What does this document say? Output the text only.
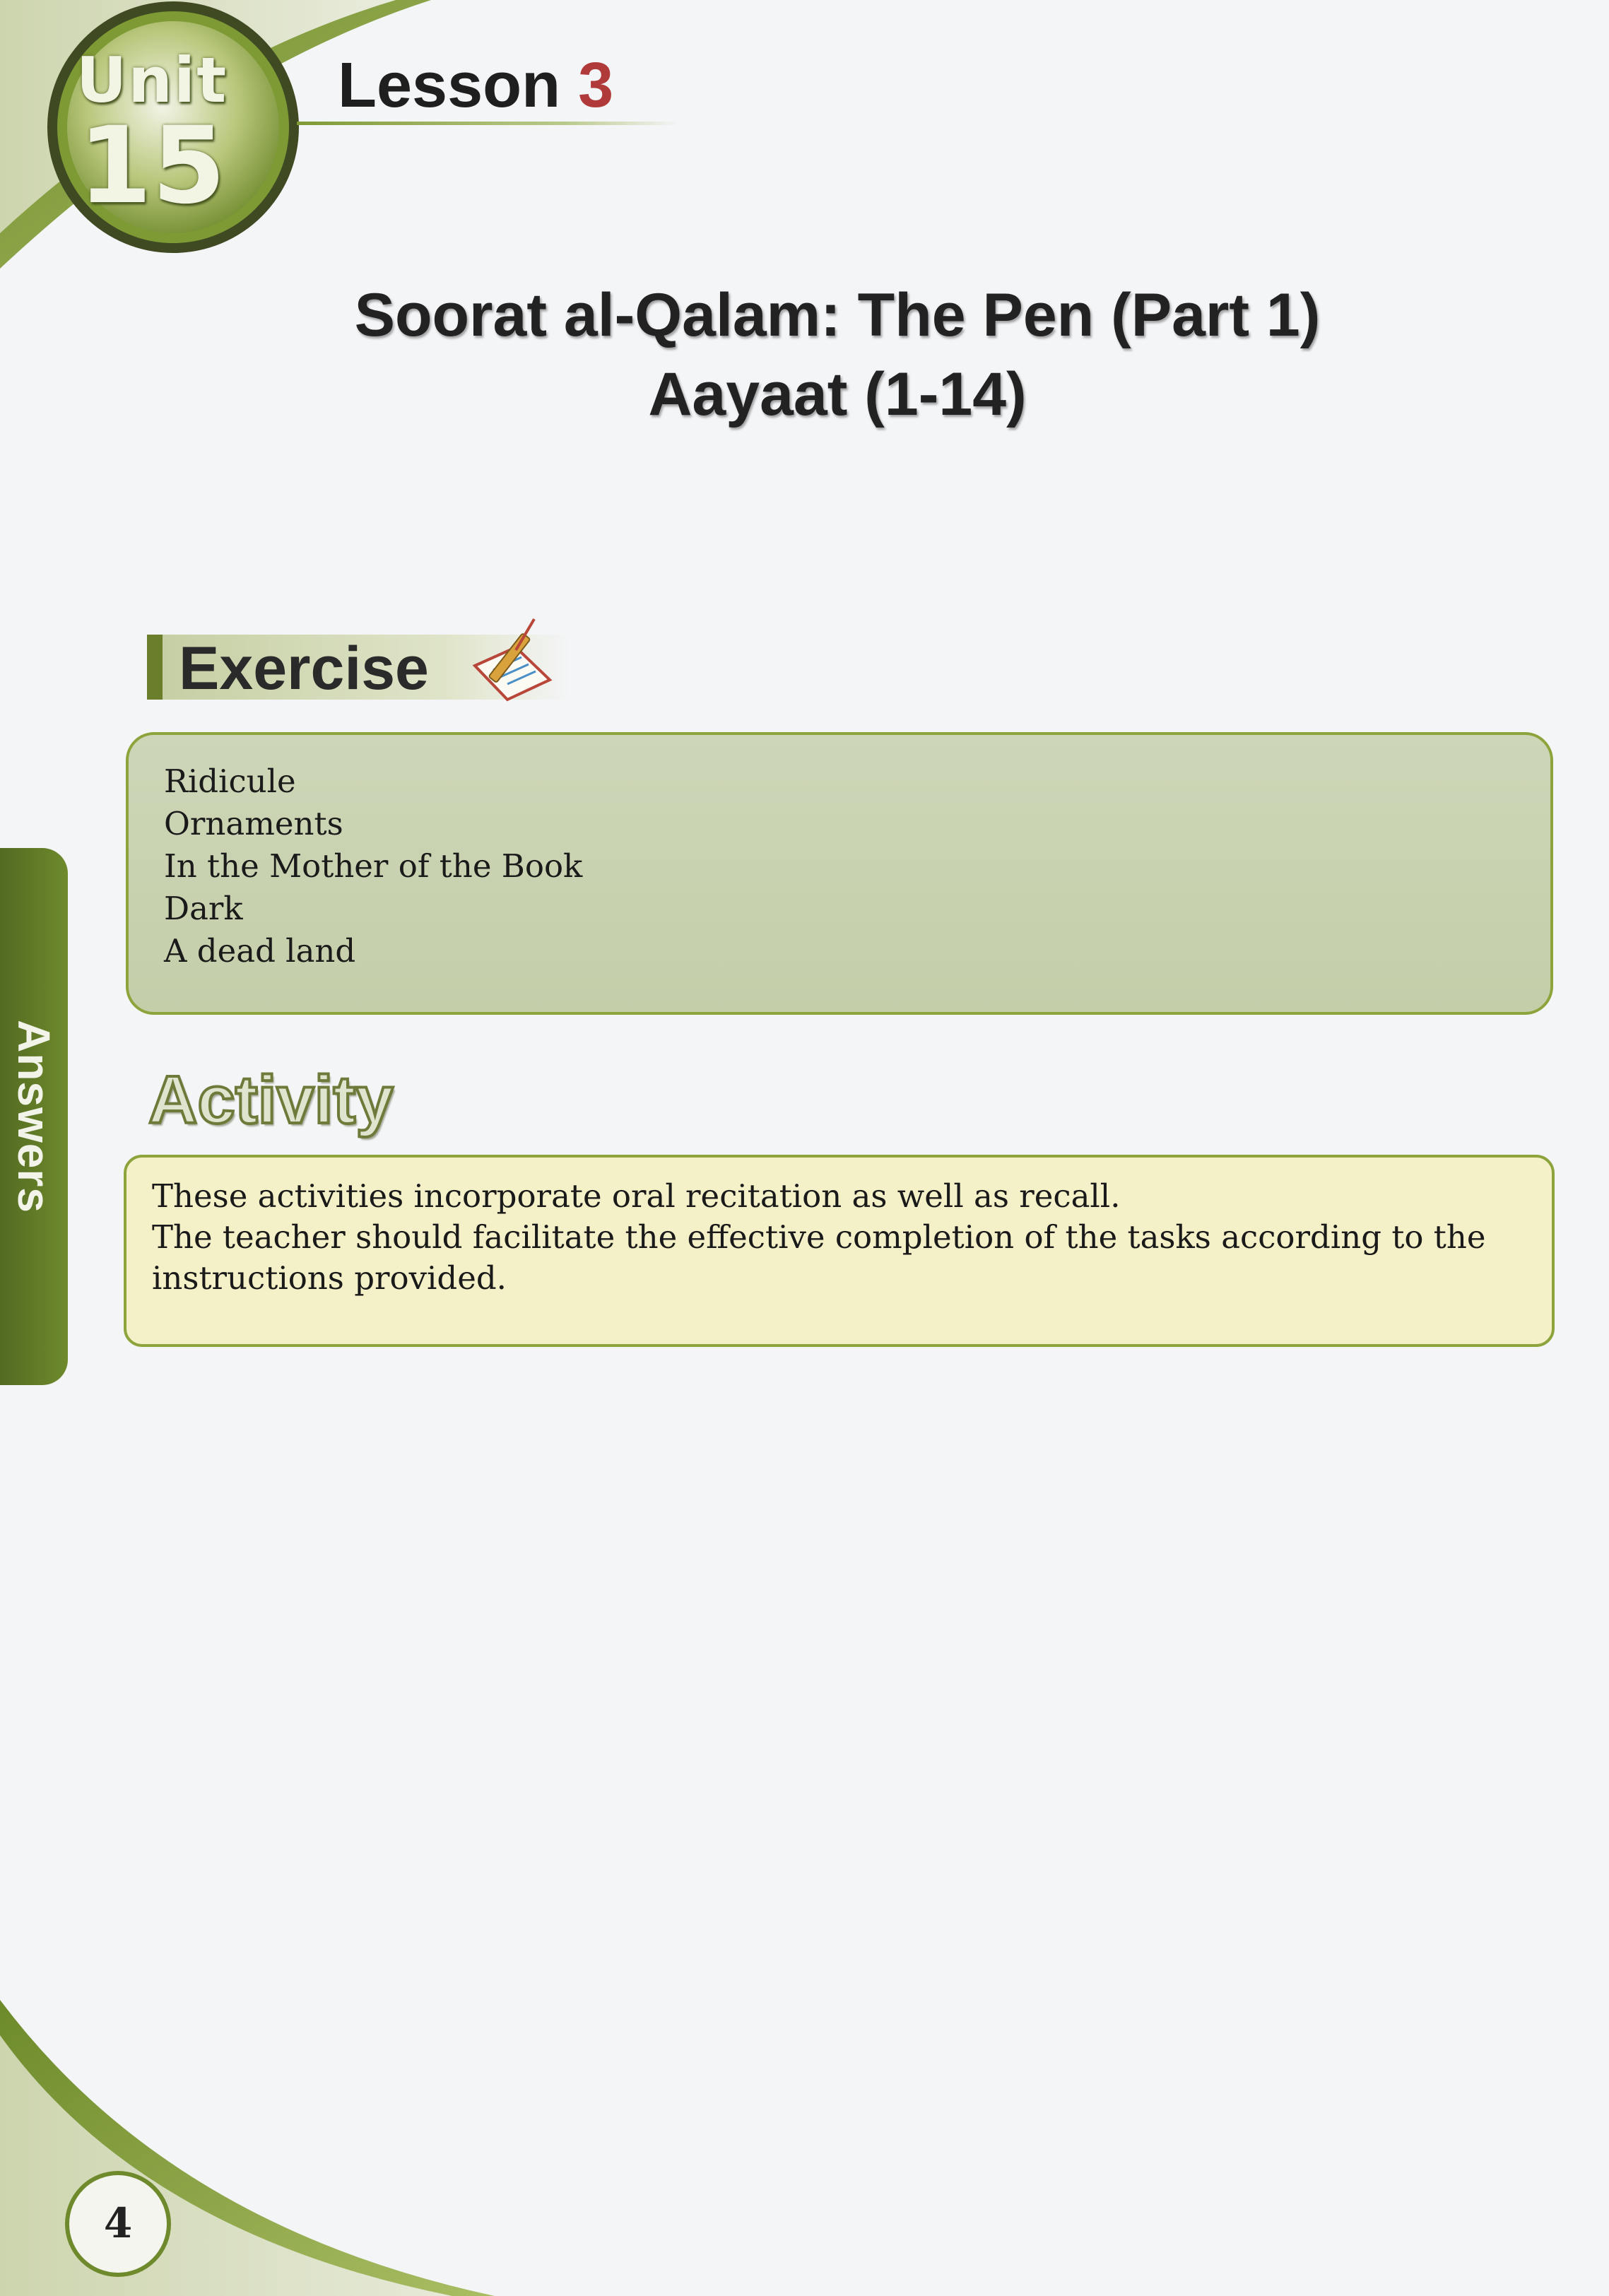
Unit
15
Lesson 3
Soorat al-Qalam: The Pen (Part 1)
Aayaat (1-14)
Exercise

Ridicule

Ornaments

In the Mother of the Book

Dark

A dead land

Activity

These activities incorporate oral recitation as well as recall.

The teacher should facilitate the effective completion of the tasks according to the instructions provided.

Answers
4
